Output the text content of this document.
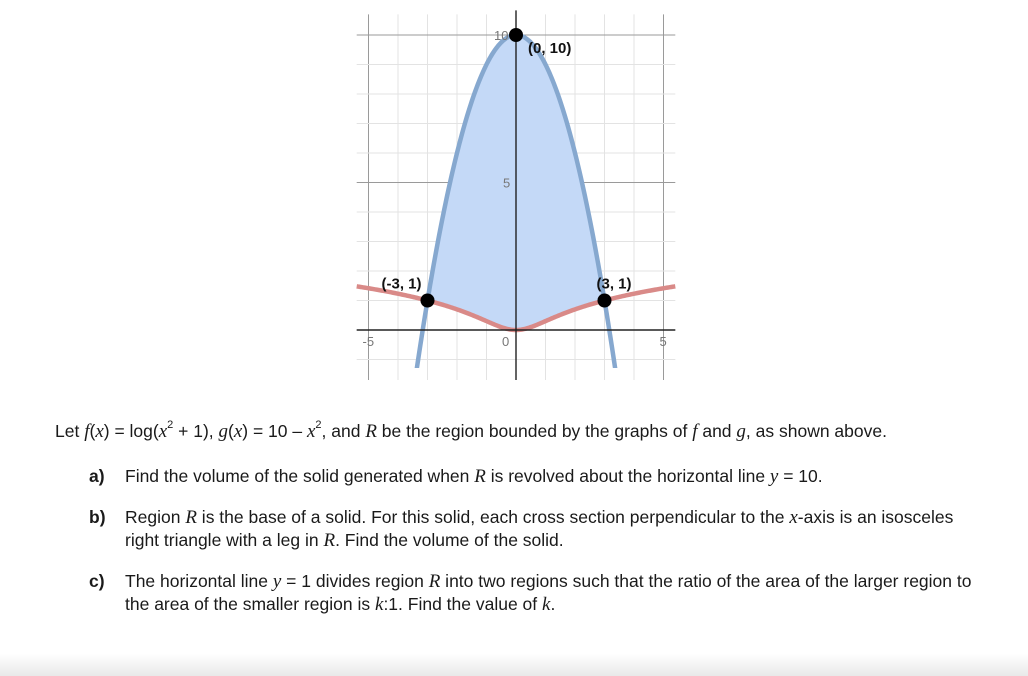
-5	0	5
5
10
(0, 10)
(-3, 1)	(3, 1)

Let $f(x) = \log(x^2 + 1)$, $g(x) = 10 - x^2$, and R be the region bounded by the graphs of f and g, as shown above.

a)	Find the volume of the solid generated when R is revolved about the horizontal line y = 10.
b)	Region R is the base of a solid. For this solid, each cross section perpendicular to the x-axis is an isosceles right triangle with a leg in R. Find the volume of the solid.
c)	The horizontal line y = 1 divides region R into two regions such that the ratio of the area of the larger region to the area of the smaller region is k:1. Find the value of k.
